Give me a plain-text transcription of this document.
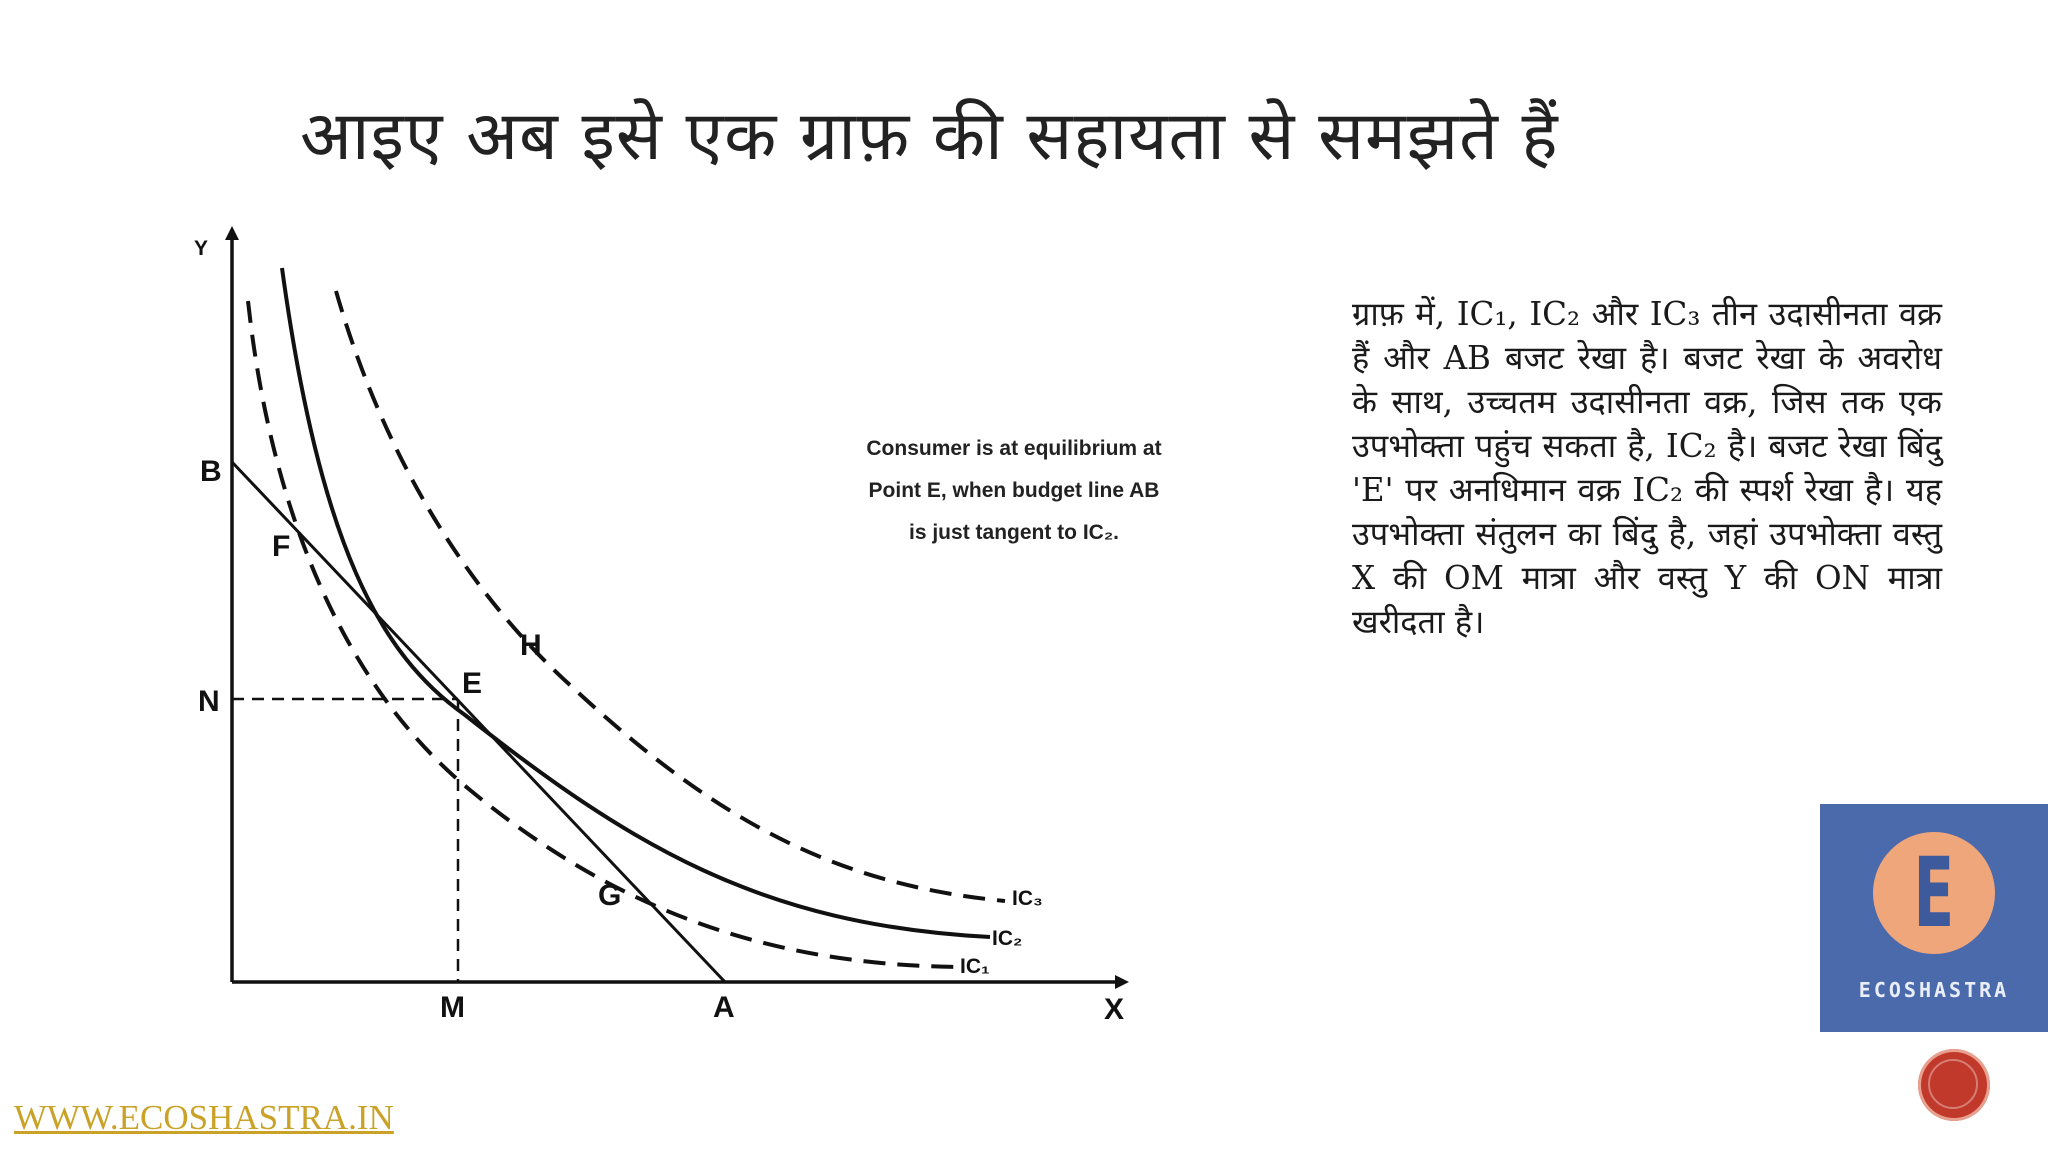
आइए अब इसे एक ग्राफ़ की सहायता से समझते हैं
Y
X
B
F
N
E
H
G
M	A
IC₃
IC₂
IC₁
Consumer is at equilibrium at
Point E, when budget line AB
is just tangent to IC₂.
ग्राफ़ में, IC₁, IC₂ और IC₃ तीन उदासीनता वक्र हैं और AB बजट रेखा है। बजट रेखा के अवरोध के साथ, उच्चतम उदासीनता वक्र, जिस तक एक उपभोक्ता पहुंच सकता है, IC₂ है। बजट रेखा बिंदु 'E' पर अनधिमान वक्र IC₂ की स्पर्श रेखा है। यह उपभोक्ता संतुलन का बिंदु है, जहां उपभोक्ता वस्तु X की OM मात्रा और वस्तु Y की ON मात्रा खरीदता है।
E
ECOSHASTRA
WWW.ECOSHASTRA.IN
